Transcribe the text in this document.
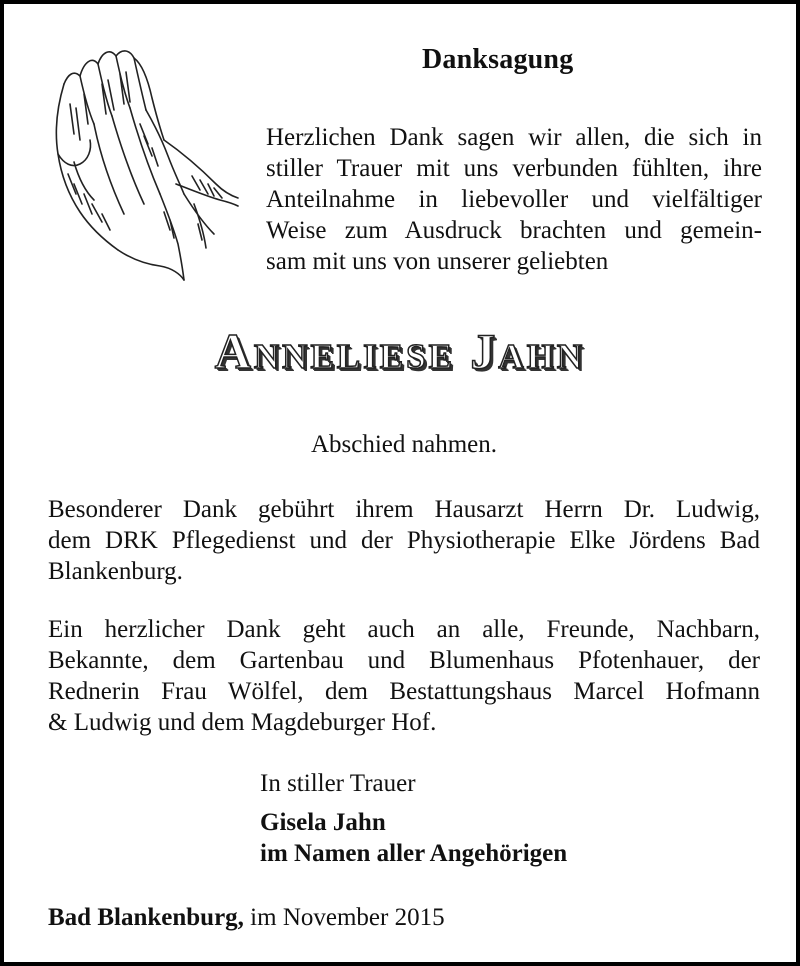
Danksagung
Herzlichen Dank sagen wir allen, die sich in
stiller Trauer mit uns verbunden fühlten, ihre
Anteilnahme in liebevoller und vielfältiger
Weise zum Ausdruck brachten und gemein-
sam mit uns von unserer geliebten
Anneliese Jahn
Abschied nahmen.
Besonderer Dank gebührt ihrem Hausarzt Herrn Dr. Ludwig,
dem DRK Pflegedienst und der Physiotherapie Elke Jördens Bad
Blankenburg.
Ein herzlicher Dank geht auch an alle, Freunde, Nachbarn,
Bekannte, dem Gartenbau und Blumenhaus Pfotenhauer, der
Rednerin Frau Wölfel, dem Bestattungshaus Marcel Hofmann
& Ludwig und dem Magdeburger Hof.
In stiller Trauer
Gisela Jahn
im Namen aller Angehörigen
Bad Blankenburg, im November 2015
